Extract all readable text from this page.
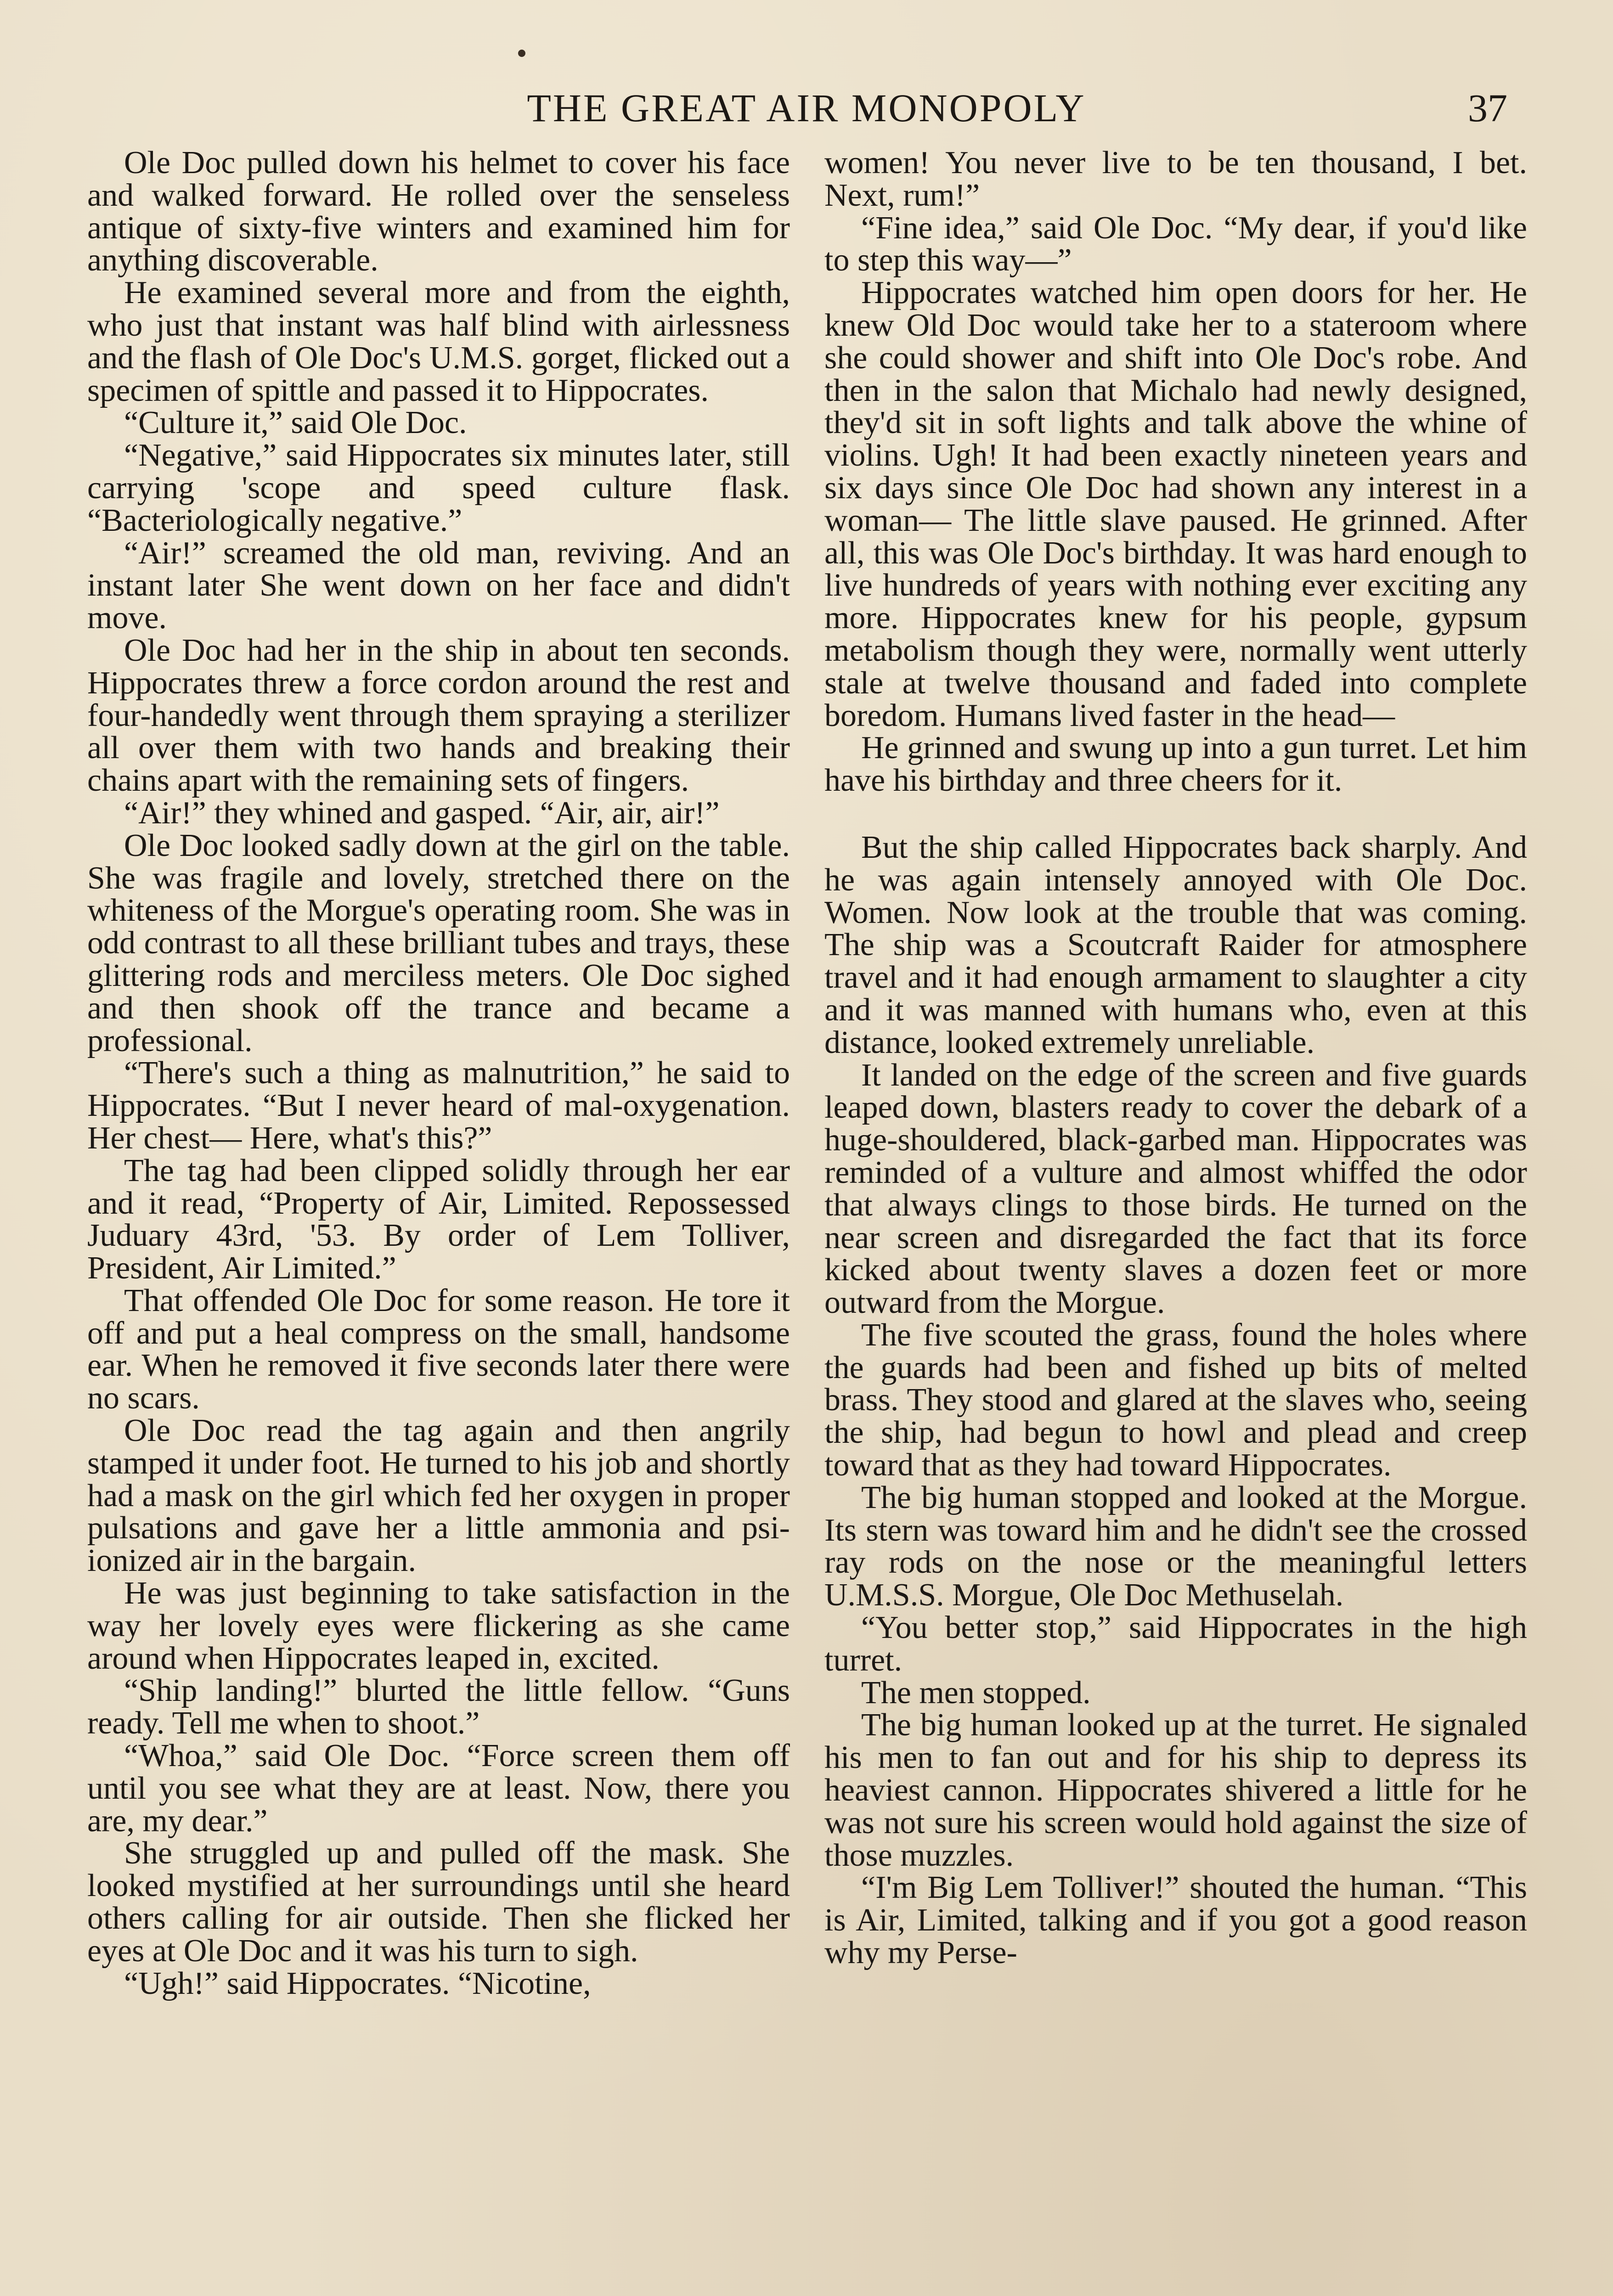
THE GREAT AIR MONOPOLY	37

Ole Doc pulled down his helmet to cover his face and walked forward. He rolled over the senseless antique of sixty-five winters and examined him for anything discoverable.

He examined several more and from the eighth, who just that instant was half blind with airlessness and the flash of Ole Doc's U.M.S. gorget, flicked out a specimen of spittle and passed it to Hippocrates.

“Culture it,” said Ole Doc.

“Negative,” said Hippocrates six minutes later, still carrying 'scope and speed culture flask. “Bacteriologically negative.”

“Air!” screamed the old man, reviving. And an instant later She went down on her face and didn't move.

Ole Doc had her in the ship in about ten seconds. Hippocrates threw a force cordon around the rest and four-handedly went through them spraying a sterilizer all over them with two hands and breaking their chains apart with the remaining sets of fingers.

“Air!” they whined and gasped. “Air, air, air!”

Ole Doc looked sadly down at the girl on the table. She was fragile and lovely, stretched there on the whiteness of the Morgue's operating room. She was in odd contrast to all these brilliant tubes and trays, these glittering rods and merciless meters. Ole Doc sighed and then shook off the trance and became a professional.

“There's such a thing as malnutrition,” he said to Hippocrates. “But I never heard of mal-oxygenation. Her chest— Here, what's this?”

The tag had been clipped solidly through her ear and it read, “Property of Air, Limited. Repossessed Juduary 43rd, '53. By order of Lem Tolliver, President, Air Limited.”

That offended Ole Doc for some reason. He tore it off and put a heal compress on the small, handsome ear. When he removed it five seconds later there were no scars.

Ole Doc read the tag again and then angrily stamped it under foot. He turned to his job and shortly had a mask on the girl which fed her oxygen in proper pulsations and gave her a little ammonia and psi-ionized air in the bargain.

He was just beginning to take satisfaction in the way her lovely eyes were flickering as she came around when Hippocrates leaped in, excited.

“Ship landing!” blurted the little fellow. “Guns ready. Tell me when to shoot.”

“Whoa,” said Ole Doc. “Force screen them off until you see what they are at least. Now, there you are, my dear.”

She struggled up and pulled off the mask. She looked mystified at her surroundings until she heard others calling for air outside. Then she flicked her eyes at Ole Doc and it was his turn to sigh.

“Ugh!” said Hippocrates. “Nicotine,

women! You never live to be ten thousand, I bet. Next, rum!”

“Fine idea,” said Ole Doc. “My dear, if you'd like to step this way—”

Hippocrates watched him open doors for her. He knew Old Doc would take her to a stateroom where she could shower and shift into Ole Doc's robe. And then in the salon that Michalo had newly designed, they'd sit in soft lights and talk above the whine of violins. Ugh! It had been exactly nineteen years and six days since Ole Doc had shown any interest in a woman— The little slave paused. He grinned. After all, this was Ole Doc's birthday. It was hard enough to live hundreds of years with nothing ever exciting any more. Hippocrates knew for his people, gypsum metabolism though they were, normally went utterly stale at twelve thousand and faded into complete boredom. Humans lived faster in the head—

He grinned and swung up into a gun turret. Let him have his birthday and three cheers for it.

But the ship called Hippocrates back sharply. And he was again intensely annoyed with Ole Doc. Women. Now look at the trouble that was coming. The ship was a Scoutcraft Raider for atmosphere travel and it had enough armament to slaughter a city and it was manned with humans who, even at this distance, looked extremely unreliable.

It landed on the edge of the screen and five guards leaped down, blasters ready to cover the debark of a huge-shouldered, black-garbed man. Hippocrates was reminded of a vulture and almost whiffed the odor that always clings to those birds. He turned on the near screen and disregarded the fact that its force kicked about twenty slaves a dozen feet or more outward from the Morgue.

The five scouted the grass, found the holes where the guards had been and fished up bits of melted brass. They stood and glared at the slaves who, seeing the ship, had begun to howl and plead and creep toward that as they had toward Hippocrates.

The big human stopped and looked at the Morgue. Its stern was toward him and he didn't see the crossed ray rods on the nose or the meaningful letters U.M.S.S. Morgue, Ole Doc Methuselah.

“You better stop,” said Hippocrates in the high turret.

The men stopped.

The big human looked up at the turret. He signaled his men to fan out and for his ship to depress its heaviest cannon. Hippocrates shivered a little for he was not sure his screen would hold against the size of those muzzles.

“I'm Big Lem Tolliver!” shouted the human. “This is Air, Limited, talking and if you got a good reason why my Perse-
